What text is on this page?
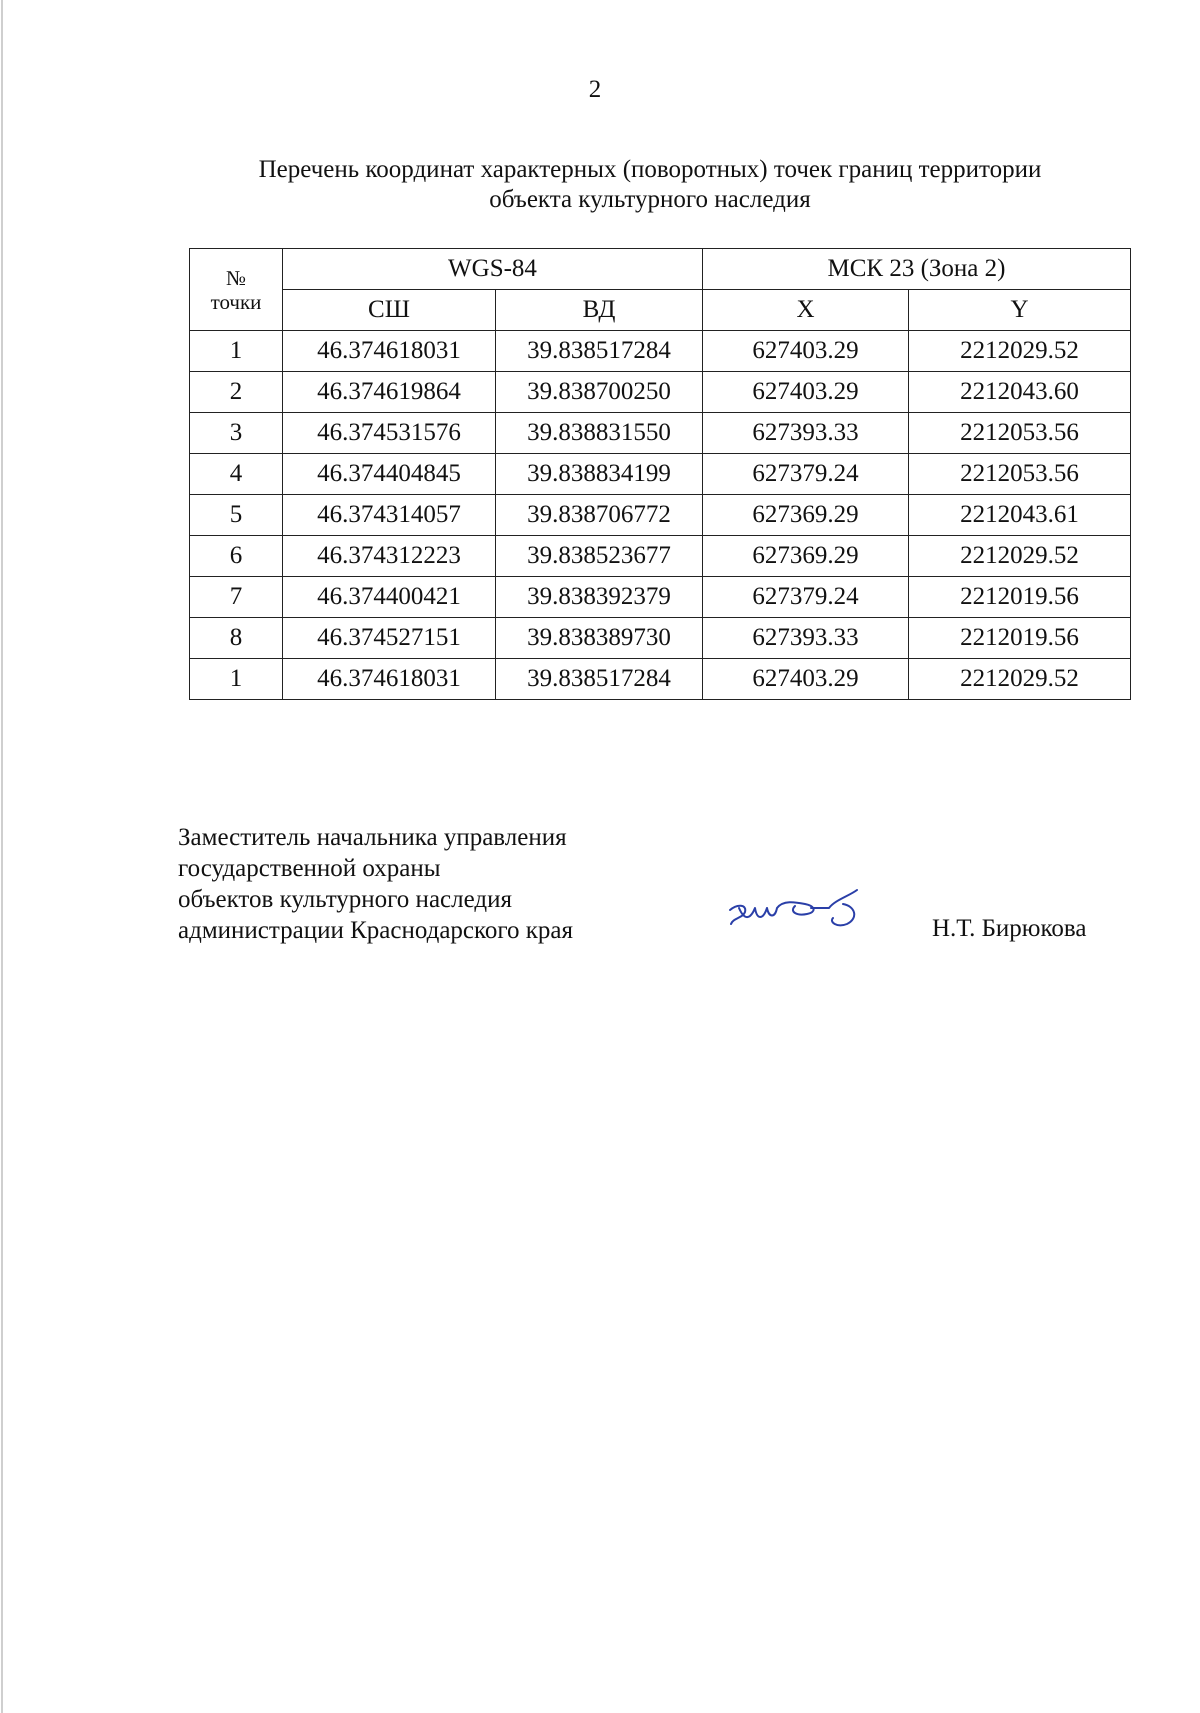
2
Перечень координат характерных (поворотных) точек границ территории
объекта культурного наследия
№
точки	WGS-84		МСК 23 (Зона 2)	
	СШ	ВД	X	Y
1	46.374618031	39.838517284	627403.29	2212029.52
2	46.374619864	39.838700250	627403.29	2212043.60
3	46.374531576	39.838831550	627393.33	2212053.56
4	46.374404845	39.838834199	627379.24	2212053.56
5	46.374314057	39.838706772	627369.29	2212043.61
6	46.374312223	39.838523677	627369.29	2212029.52
7	46.374400421	39.838392379	627379.24	2212019.56
8	46.374527151	39.838389730	627393.33	2212019.56
1	46.374618031	39.838517284	627403.29	2212029.52
Заместитель начальника управления
государственной охраны
объектов культурного наследия
администрации Краснодарского края	Н.Т. Бирюкова
